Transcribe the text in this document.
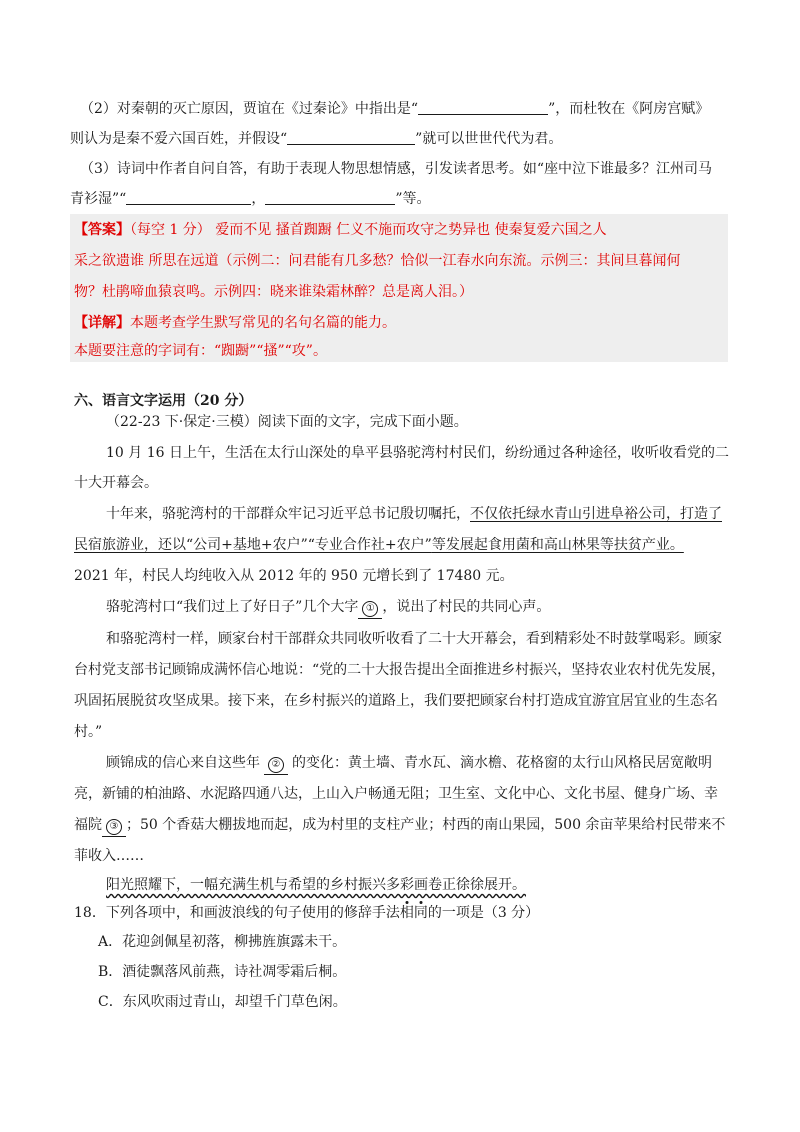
（2）对秦朝的灭亡原因，贾谊在《过秦论》中指出是“	”，而杜牧在《阿房宫赋》
则认为是秦不爱六国百姓，并假设“	”就可以世世代代为君。
（3）诗词中作者自问自答，有助于表现人物思想情感，引发读者思考。如“座中泣下谁最多？江州司马
青衫湿”“	，	”等。
【答案】（每空 1 分） 爱而不见 搔首踟蹰 仁义不施而攻守之势异也 使秦复爱六国之人
采之欲遗谁 所思在远道（示例二：问君能有几多愁？恰似一江春水向东流。示例三：其间旦暮闻何
物？杜鹃啼血猿哀鸣。示例四：晓来谁染霜林醉？总是离人泪。）
【详解】本题考查学生默写常见的名句名篇的能力。
本题要注意的字词有：“踟蹰”“搔”“攻”。
六、语言文字运用（20 分）
（22-23 下·保定·三模）阅读下面的文字，完成下面小题。
10 月 16 日上午，生活在太行山深处的阜平县骆驼湾村村民们，纷纷通过各种途径，收听收看党的二
十大开幕会。
十年来，骆驼湾村的干部群众牢记习近平总书记殷切嘱托，不仅依托绿水青山引进阜裕公司，打造了
民宿旅游业，还以“公司+基地+农户”“专业合作社+农户”等发展起食用菌和高山林果等扶贫产业。
2021 年，村民人均纯收入从 2012 年的 950 元增长到了 17480 元。
骆驼湾村口“我们过上了好日子”几个大字 ① ，说出了村民的共同心声。
和骆驼湾村一样，顾家台村干部群众共同收听收看了二十大开幕会，看到精彩处不时鼓掌喝彩。顾家
台村党支部书记顾锦成满怀信心地说：“党的二十大报告提出全面推进乡村振兴，坚持农业农村优先发展，
巩固拓展脱贫攻坚成果。接下来，在乡村振兴的道路上，我们要把顾家台村打造成宜游宜居宜业的生态名
村。”
顾锦成的信心来自这些年 ② 的变化：黄土墙、青水瓦、滴水檐、花格窗的太行山风格民居宽敞明
亮，新铺的柏油路、水泥路四通八达，上山入户畅通无阻；卫生室、文化中心、文化书屋、健身广场、幸
福院 ③ ；50 个香菇大棚拔地而起，成为村里的支柱产业；村西的南山果园，500 余亩苹果给村民带来不
菲收入……
阳光照耀下，一幅充满生机与希望的乡村振兴多彩画卷正徐徐展开。
18．下列各项中，和画波浪线的句子使用的修辞手法相同的一项是（3 分）
A．花迎剑佩星初落，柳拂旌旗露未干。
B．酒徒飘落风前燕，诗社凋零霜后桐。
C．东风吹雨过青山，却望千门草色闲。
